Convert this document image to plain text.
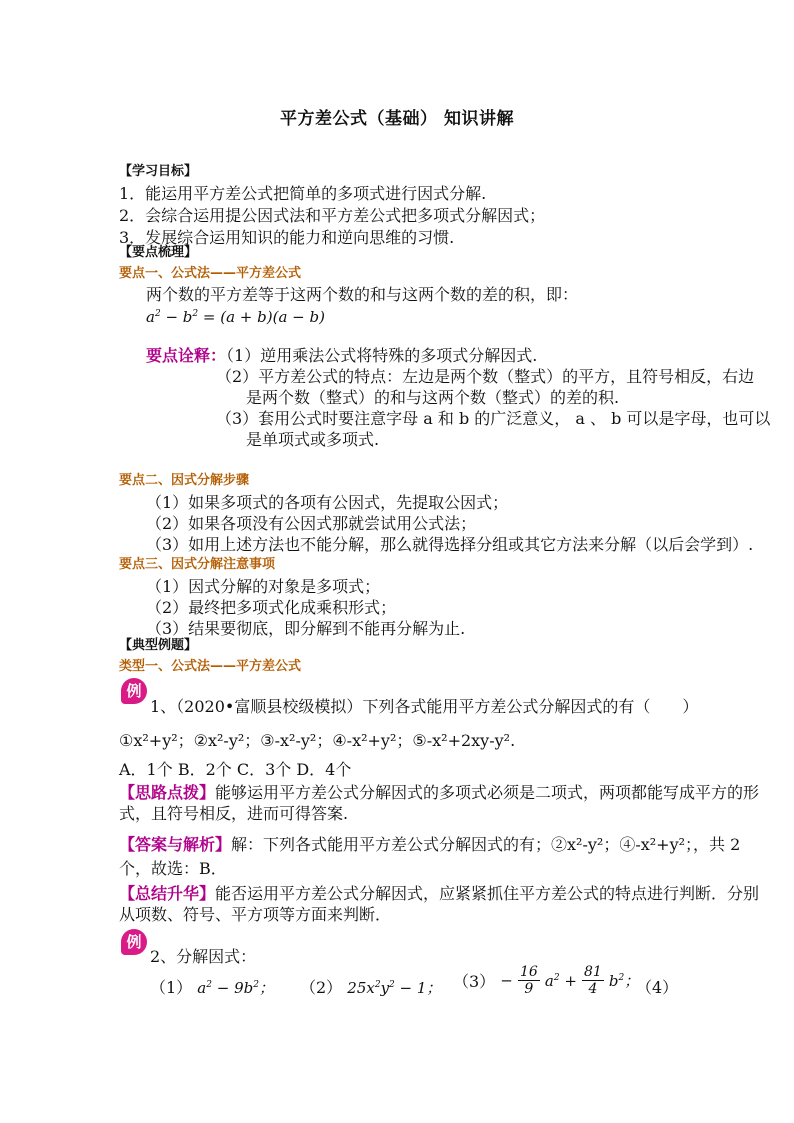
平方差公式（基础） 知识讲解
【学习目标】
1．能运用平方差公式把简单的多项式进行因式分解.
2．会综合运用提公因式法和平方差公式把多项式分解因式；
3．发展综合运用知识的能力和逆向思维的习惯.
【要点梳理】
要点一、公式法——平方差公式
两个数的平方差等于这两个数的和与这两个数的差的积，即：
$a^2 - b^2 = (a + b)(a - b)$
要点诠释：（1）逆用乘法公式将特殊的多项式分解因式.
（2）平方差公式的特点：左边是两个数（整式）的平方，且符号相反，右边
是两个数（整式）的和与这两个数（整式）的差的积.
（3）套用公式时要注意字母 a 和 b 的广泛意义， a 、 b 可以是字母，也可以
是单项式或多项式.
要点二、因式分解步骤
（1）如果多项式的各项有公因式，先提取公因式；
（2）如果各项没有公因式那就尝试用公式法；
（3）如用上述方法也不能分解，那么就得选择分组或其它方法来分解（以后会学到）.
要点三、因式分解注意事项
（1）因式分解的对象是多项式；
（2）最终把多项式化成乘积形式；
（3）结果要彻底，即分解到不能再分解为止.
【典型例题】
类型一、公式法——平方差公式
例
1、（2020•富顺县校级模拟）下列各式能用平方差公式分解因式的有（　　）
①x²+y²；②x²-y²；③-x²-y²；④-x²+y²；⑤-x²+2xy-y².
A．1个 B．2个 C．3个 D．4个
【思路点拨】能够运用平方差公式分解因式的多项式必须是二项式，两项都能写成平方的形
式，且符号相反，进而可得答案.
【答案与解析】解：下列各式能用平方差公式分解因式的有；②x²-y²；④-x²+y²；，共 2
个，故选：B．
【总结升华】能否运用平方差公式分解因式，应紧紧抓住平方差公式的特点进行判断．分别
从项数、符号、平方项等方面来判断．
例
2、分解因式：
（1） $a^2 - 9b^2$； （2） $25x^2y^2 - 1$； $(3) - \frac{16}{9} a^2 + \frac{81}{4} b^2$；
（4）
